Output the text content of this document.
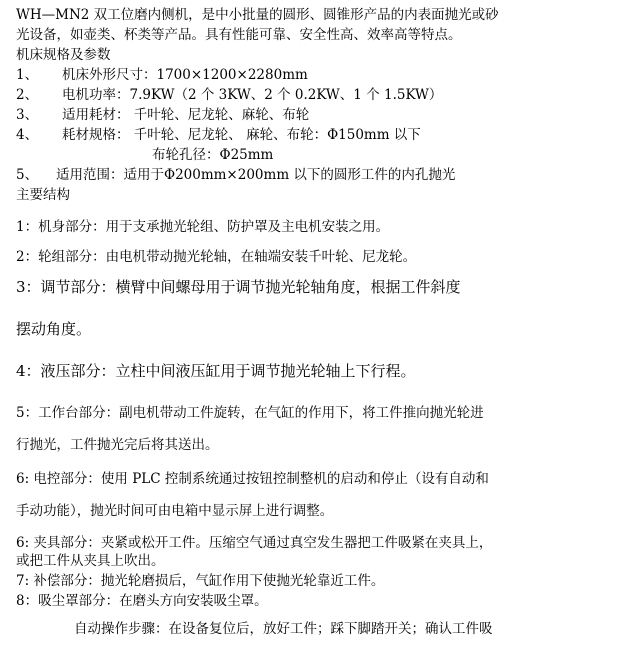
WH—MN2 双工位磨内侧机，是中小批量的圆形、圆锥形产品的内表面抛光或砂
光设备，如壶类、杯类等产品。具有性能可靠、安全性高、效率高等特点。
机床规格及参数
1、 机床外形尺寸：1700×1200×2280mm
2、 电机功率：7.9KW（2 个 3KW、2 个 0.2KW、1 个 1.5KW）
3、 适用耗材： 千叶轮、尼龙轮、麻轮、布轮
4、 耗材规格： 千叶轮、尼龙轮、 麻轮、布轮：Φ150mm 以下
布轮孔径：Φ25mm
5、 适用范围：适用于Φ200mm×200mm 以下的圆形工件的内孔抛光
主要结构
1：机身部分：用于支承抛光轮组、防护罩及主电机安装之用。
2：轮组部分：由电机带动抛光轮轴，在轴端安装千叶轮、尼龙轮。
3：调节部分：横臂中间螺母用于调节抛光轮轴角度，根据工件斜度
摆动角度。
4：液压部分：立柱中间液压缸用于调节抛光轮轴上下行程。
5：工作台部分：副电机带动工件旋转，在气缸的作用下，将工件推向抛光轮进
行抛光，工件抛光完后将其送出。
6: 电控部分：使用 PLC 控制系统通过按钮控制整机的启动和停止（设有自动和
手动功能），抛光时间可由电箱中显示屏上进行调整。
6: 夹具部分：夹紧或松开工件。压缩空气通过真空发生器把工件吸紧在夹具上，
或把工件从夹具上吹出。
7: 补偿部分：抛光轮磨损后，气缸作用下使抛光轮靠近工件。
8：吸尘罩部分：在磨头方向安装吸尘罩。
自动操作步骤：在设备复位后，放好工件；踩下脚踏开关；确认工件吸
